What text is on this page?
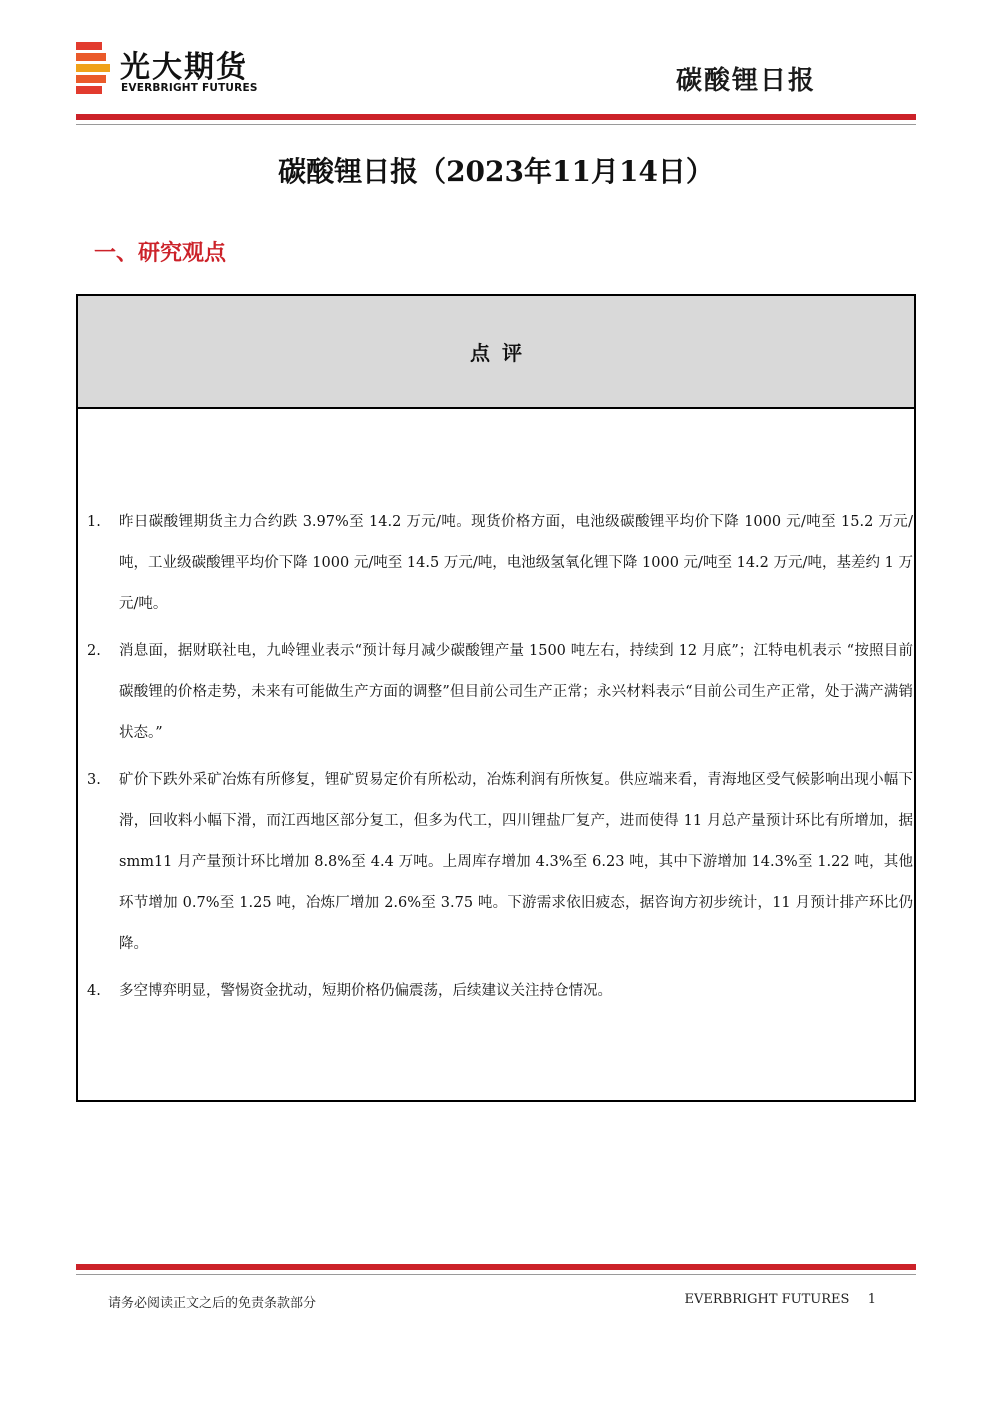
光大期货
EVERBRIGHT FUTURES	碳酸锂日报
碳酸锂日报（2023年11月14日）
一、研究观点
点评
1. 昨日碳酸锂期货主力合约跌 3.97%至 14.2 万元/吨。现货价格方面，电池级碳酸锂平均价下降 1000 元/吨至 15.2 万元/吨，工业级碳酸锂平均价下降 1000 元/吨至 14.5 万元/吨，电池级氢氧化锂下降 1000 元/吨至 14.2 万元/吨，基差约 1 万元/吨。
2. 消息面，据财联社电，九岭锂业表示“预计每月减少碳酸锂产量 1500 吨左右，持续到 12 月底”；江特电机表示 “按照目前碳酸锂的价格走势，未来有可能做生产方面的调整”但目前公司生产正常；永兴材料表示“目前公司生产正常，处于满产满销状态。”
3. 矿价下跌外采矿冶炼有所修复，锂矿贸易定价有所松动，冶炼利润有所恢复。供应端来看，青海地区受气候影响出现小幅下滑，回收料小幅下滑，而江西地区部分复工，但多为代工，四川锂盐厂复产，进而使得 11 月总产量预计环比有所增加，据 smm11 月产量预计环比增加 8.8%至 4.4 万吨。上周库存增加 4.3%至 6.23 吨，其中下游增加 14.3%至 1.22 吨，其他环节增加 0.7%至 1.25 吨，冶炼厂增加 2.6%至 3.75 吨。下游需求依旧疲态，据咨询方初步统计，11 月预计排产环比仍降。
4. 多空博弈明显，警惕资金扰动，短期价格仍偏震荡，后续建议关注持仓情况。
请务必阅读正文之后的免责条款部分	EVERBRIGHT FUTURES 1
